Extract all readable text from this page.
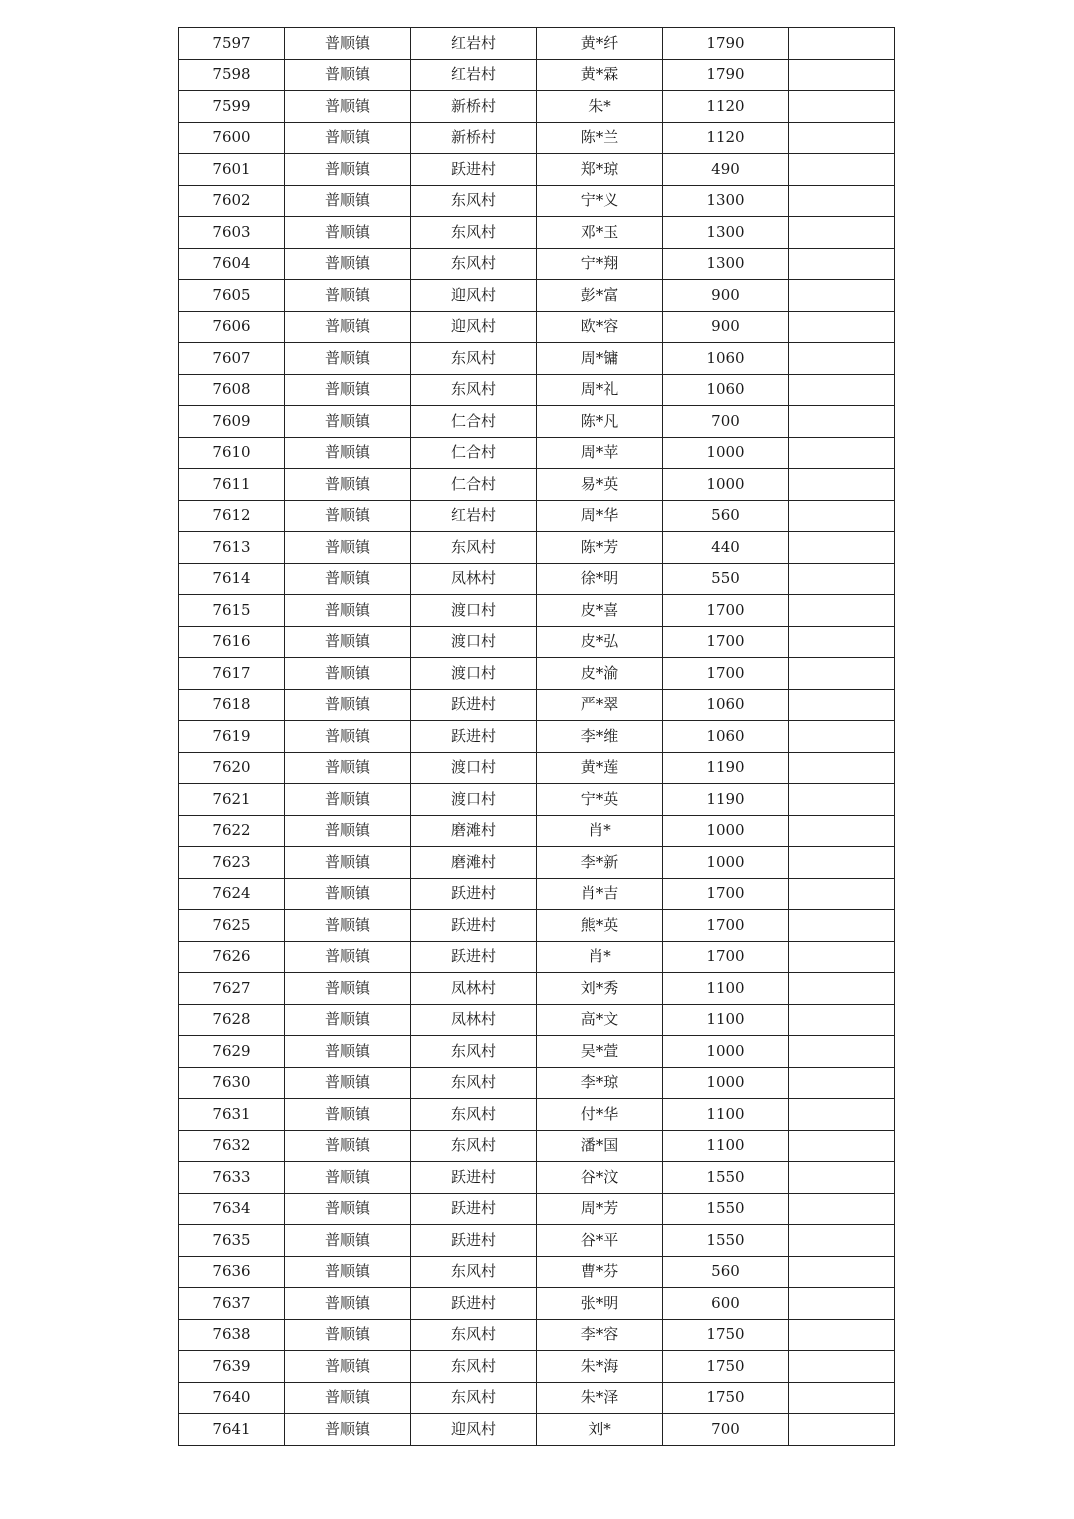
7597	普顺镇	红岩村	黄*纤	1790	
7598	普顺镇	红岩村	黄*霖	1790	
7599	普顺镇	新桥村	朱*	1120	
7600	普顺镇	新桥村	陈*兰	1120	
7601	普顺镇	跃进村	郑*琼	490	
7602	普顺镇	东风村	宁*义	1300	
7603	普顺镇	东风村	邓*玉	1300	
7604	普顺镇	东风村	宁*翔	1300	
7605	普顺镇	迎风村	彭*富	900	
7606	普顺镇	迎风村	欧*容	900	
7607	普顺镇	东风村	周*镛	1060	
7608	普顺镇	东风村	周*礼	1060	
7609	普顺镇	仁合村	陈*凡	700	
7610	普顺镇	仁合村	周*苹	1000	
7611	普顺镇	仁合村	易*英	1000	
7612	普顺镇	红岩村	周*华	560	
7613	普顺镇	东风村	陈*芳	440	
7614	普顺镇	凤林村	徐*明	550	
7615	普顺镇	渡口村	皮*喜	1700	
7616	普顺镇	渡口村	皮*弘	1700	
7617	普顺镇	渡口村	皮*渝	1700	
7618	普顺镇	跃进村	严*翠	1060	
7619	普顺镇	跃进村	李*维	1060	
7620	普顺镇	渡口村	黄*莲	1190	
7621	普顺镇	渡口村	宁*英	1190	
7622	普顺镇	磨滩村	肖*	1000	
7623	普顺镇	磨滩村	李*新	1000	
7624	普顺镇	跃进村	肖*吉	1700	
7625	普顺镇	跃进村	熊*英	1700	
7626	普顺镇	跃进村	肖*	1700	
7627	普顺镇	凤林村	刘*秀	1100	
7628	普顺镇	凤林村	高*文	1100	
7629	普顺镇	东风村	吴*萱	1000	
7630	普顺镇	东风村	李*琼	1000	
7631	普顺镇	东风村	付*华	1100	
7632	普顺镇	东风村	潘*国	1100	
7633	普顺镇	跃进村	谷*汶	1550	
7634	普顺镇	跃进村	周*芳	1550	
7635	普顺镇	跃进村	谷*平	1550	
7636	普顺镇	东风村	曹*芬	560	
7637	普顺镇	跃进村	张*明	600	
7638	普顺镇	东风村	李*容	1750	
7639	普顺镇	东风村	朱*海	1750	
7640	普顺镇	东风村	朱*泽	1750	
7641	普顺镇	迎风村	刘*	700	
